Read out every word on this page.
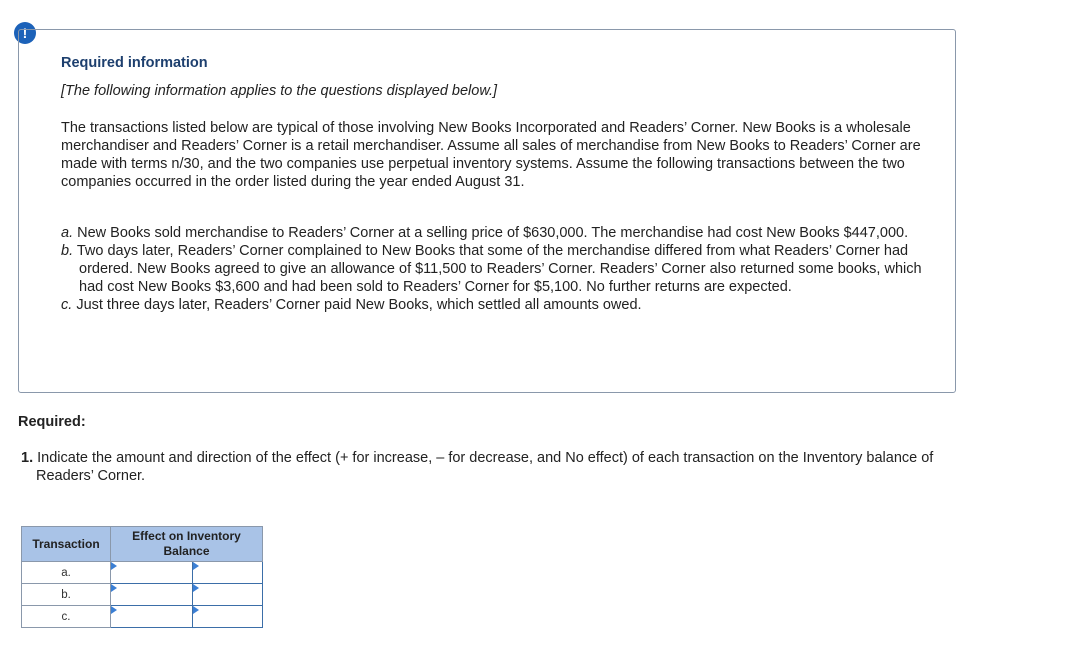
!
Required information
[The following information applies to the questions displayed below.]
The transactions listed below are typical of those involving New Books Incorporated and Readers’ Corner. New Books is a wholesale merchandiser and Readers’ Corner is a retail merchandiser. Assume all sales of merchandise from New Books to Readers’ Corner are made with terms n/30, and the two companies use perpetual inventory systems. Assume the following transactions between the two companies occurred in the order listed during the year ended August 31.
a. New Books sold merchandise to Readers’ Corner at a selling price of $630,000. The merchandise had cost New Books $447,000.
b. Two days later, Readers’ Corner complained to New Books that some of the merchandise differed from what Readers’ Corner had ordered. New Books agreed to give an allowance of $11,500 to Readers’ Corner. Readers’ Corner also returned some books, which had cost New Books $3,600 and had been sold to Readers’ Corner for $5,100. No further returns are expected.
c. Just three days later, Readers’ Corner paid New Books, which settled all amounts owed.
Required:
1. Indicate the amount and direction of the effect (+ for increase, – for decrease, and No effect) of each transaction on the Inventory balance of Readers’ Corner.
Transaction	Effect on Inventory Balance	
a.	

b.	

c.	
